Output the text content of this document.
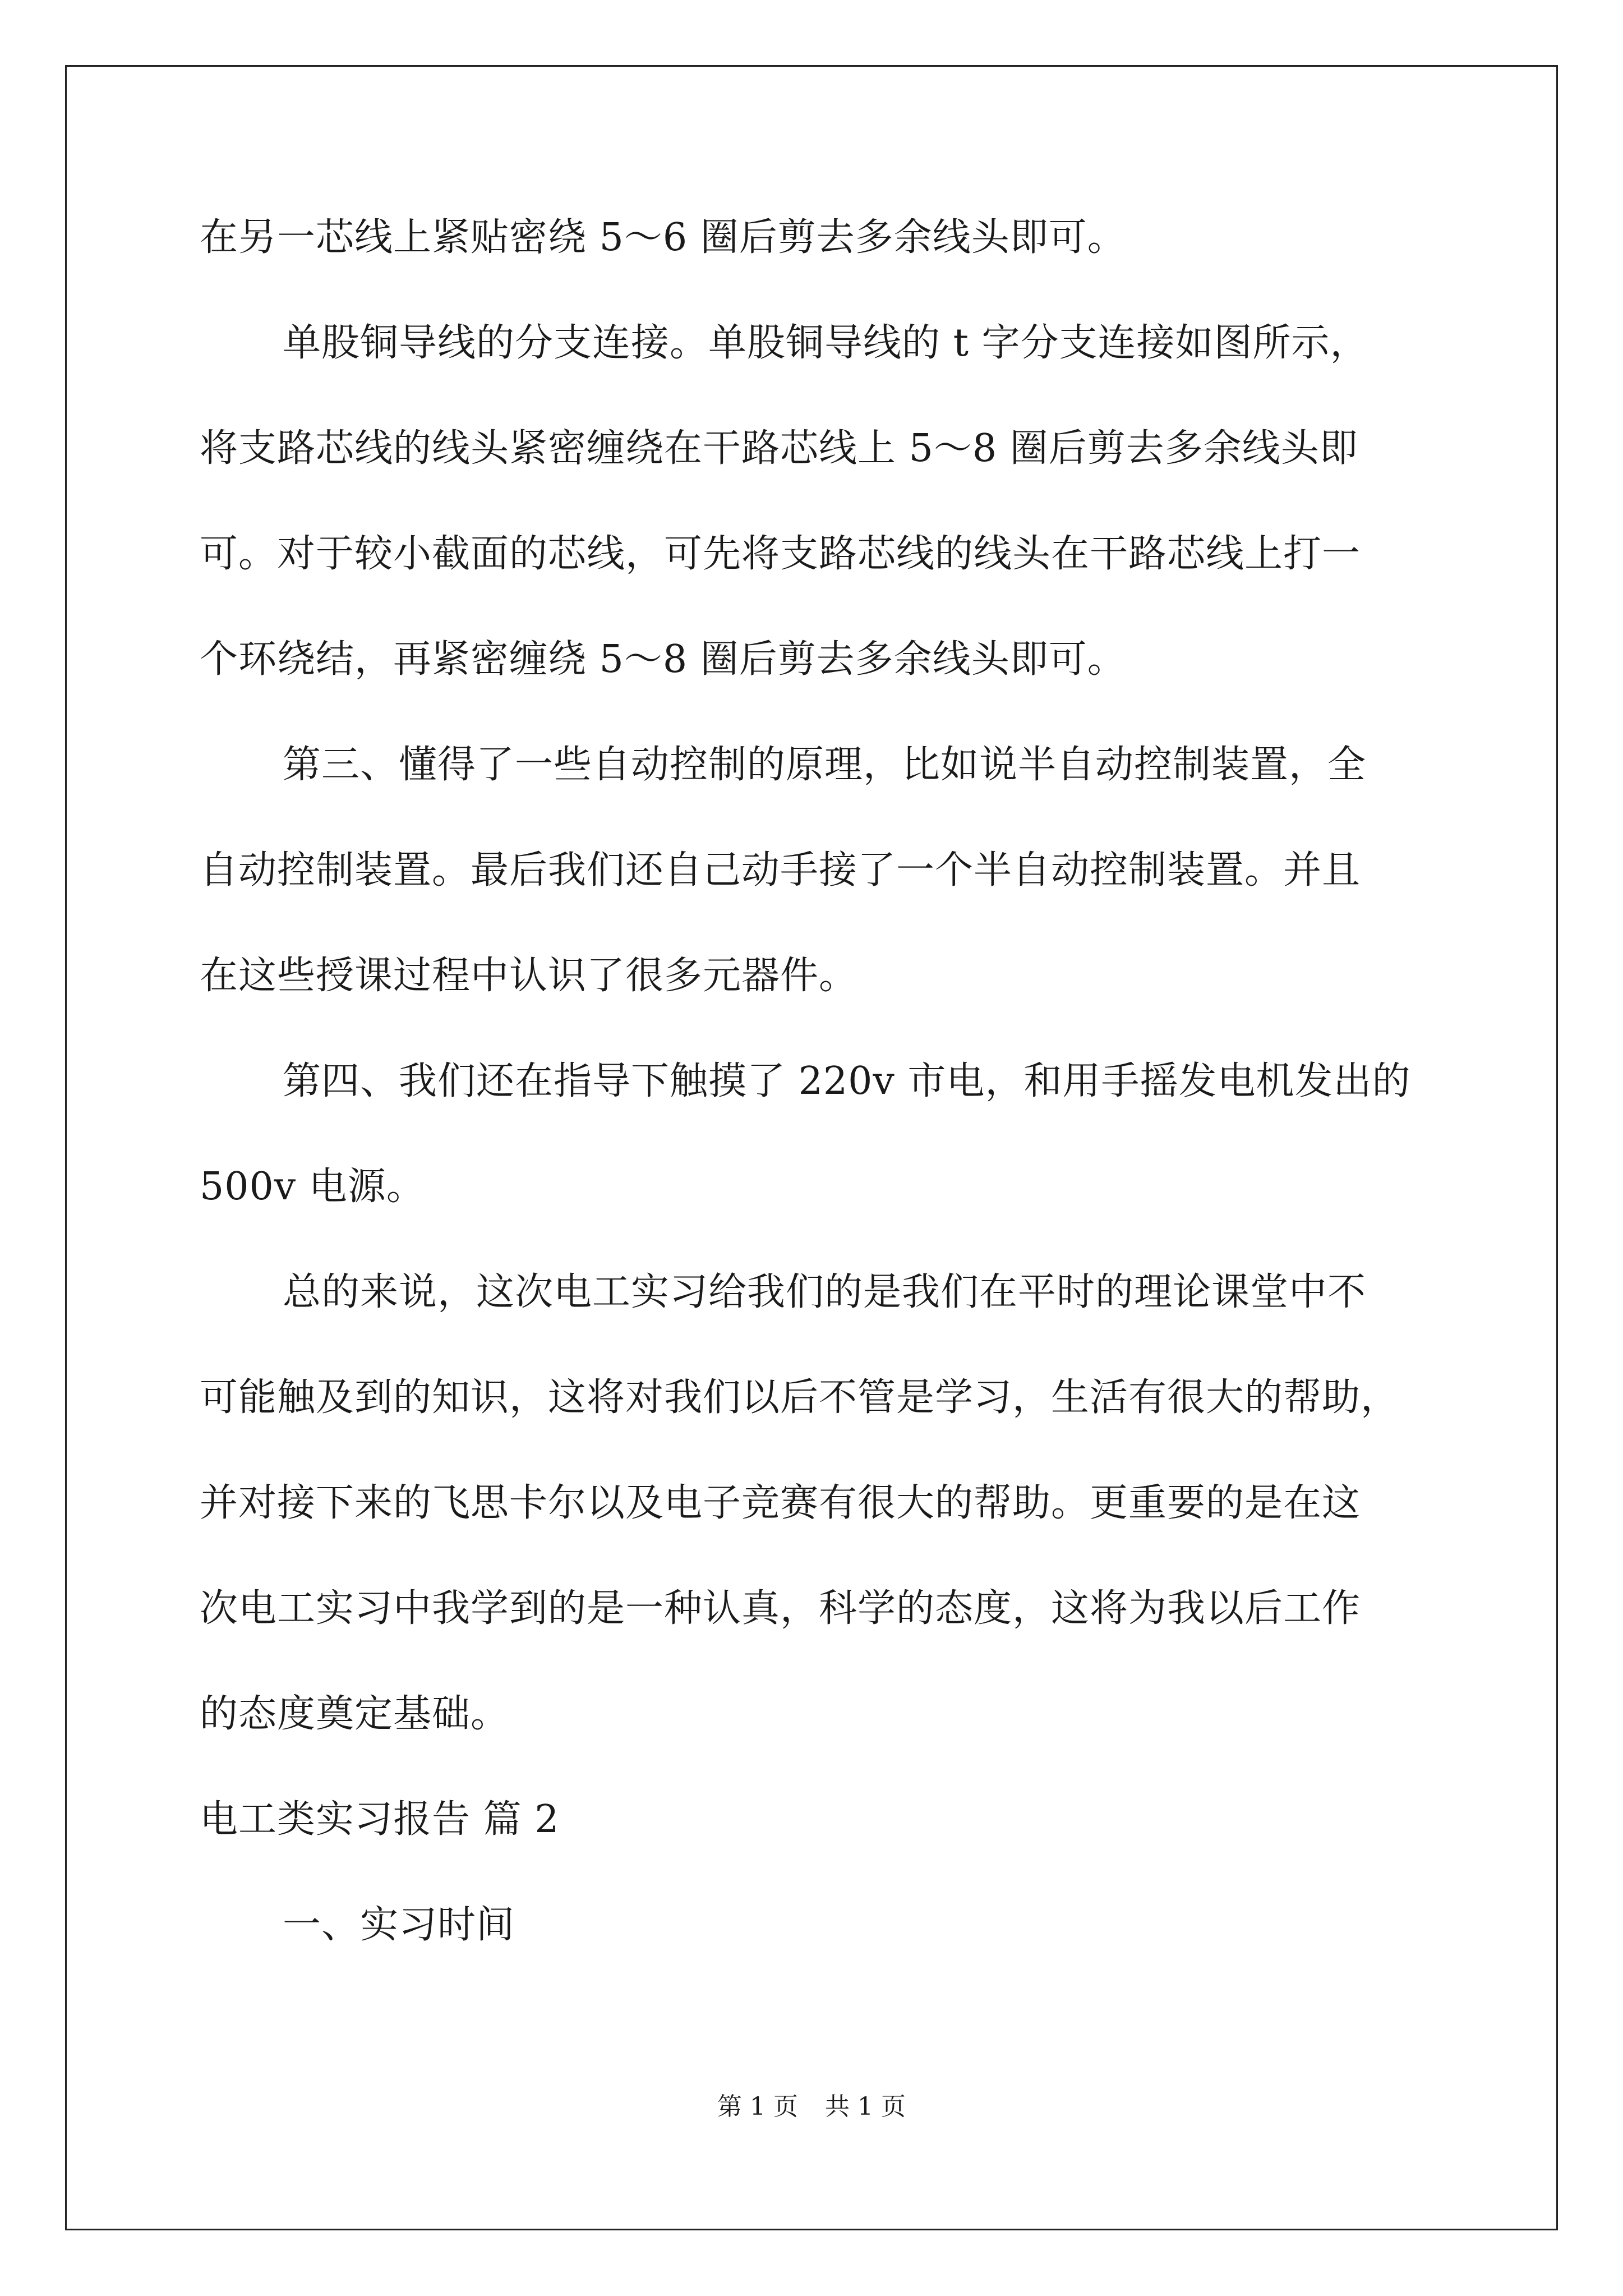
在另一芯线上紧贴密绕 5～6 圈后剪去多余线头即可。
单股铜导线的分支连接。单股铜导线的 t 字分支连接如图所示，
将支路芯线的线头紧密缠绕在干路芯线上 5～8 圈后剪去多余线头即
可。对于较小截面的芯线，可先将支路芯线的线头在干路芯线上打一
个环绕结，再紧密缠绕 5～8 圈后剪去多余线头即可。
第三、懂得了一些自动控制的原理，比如说半自动控制装置，全
自动控制装置。最后我们还自己动手接了一个半自动控制装置。并且
在这些授课过程中认识了很多元器件。
第四、我们还在指导下触摸了 220v 市电，和用手摇发电机发出的
500v 电源。
总的来说，这次电工实习给我们的是我们在平时的理论课堂中不
可能触及到的知识，这将对我们以后不管是学习，生活有很大的帮助，
并对接下来的飞思卡尔以及电子竞赛有很大的帮助。更重要的是在这
次电工实习中我学到的是一种认真，科学的态度，这将为我以后工作
的态度奠定基础。
电工类实习报告 篇 2
一、实习时间
第 1 页 共 1 页
